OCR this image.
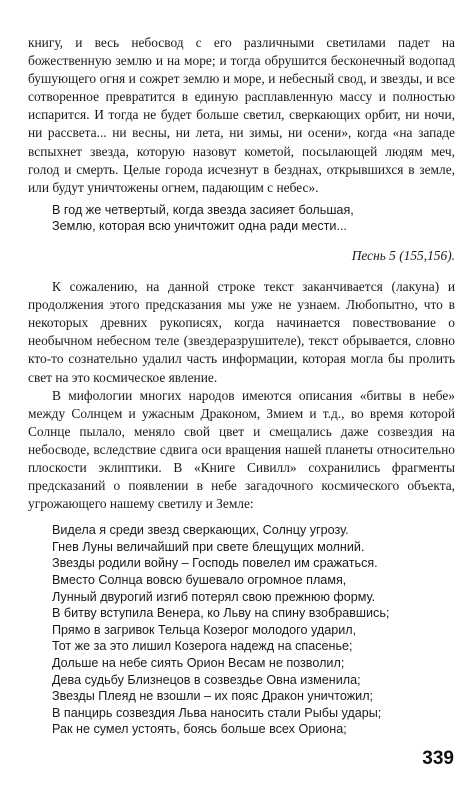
книгу, и весь небосвод с его различными светилами падет на божественную землю и на море; и тогда обрушится бесконечный водопад бушующего огня и сожрет землю и море, и небесный свод, и звезды, и все сотворенное превратится в единую расплавленную массу и полностью испарится. И тогда не будет больше светил, сверкающих орбит, ни ночи, ни рассвета... ни весны, ни лета, ни зимы, ни осени», когда «на западе вспыхнет звезда, которую назовут кометой, посылающей людям меч, голод и смерть. Целые города исчезнут в безднах, открывшихся в земле, или будут уничтожены огнем, падающим с небес».

В год же четвертый, когда звезда засияет большая,
Землю, которая всю уничтожит одна ради мести...

Песнь 5 (155,156).

К сожалению, на данной строке текст заканчивается (лакуна) и продолжения этого предсказания мы уже не узнаем. Любопытно, что в некоторых древних рукописях, когда начинается повествование о необычном небесном теле (звездеразрушителе), текст обрывается, словно кто-то сознательно удалил часть информации, которая могла бы пролить свет на это космическое явление.

В мифологии многих народов имеются описания «битвы в небе» между Солнцем и ужасным Драконом, Змием и т.д., во время которой Солнце пылало, меняло свой цвет и смещались даже созвездия на небосводе, вследствие сдвига оси вращения нашей планеты относительно плоскости эклиптики. В «Книге Сивилл» сохранились фрагменты предсказаний о появлении в небе загадочного космического объекта, угрожающего нашему светилу и Земле:

Видела я среди звезд сверкающих, Солнцу угрозу.
Гнев Луны величайший при свете блещущих молний.
Звезды родили войну – Господь повелел им сражаться.
Вместо Солнца вовсю бушевало огромное пламя,
Лунный двурогий изгиб потерял свою прежнюю форму.
В битву вступила Венера, ко Льву на спину взобравшись;
Прямо в загривок Тельца Козерог молодого ударил,
Тот же за это лишил Козерога надежд на спасенье;
Дольше на небе сиять Орион Весам не позволил;
Дева судьбу Близнецов в созвездье Овна изменила;
Звезды Плеяд не взошли – их пояс Дракон уничтожил;
В панцирь созвездия Льва наносить стали Рыбы удары;
Рак не сумел устоять, боясь больше всех Ориона;
339
